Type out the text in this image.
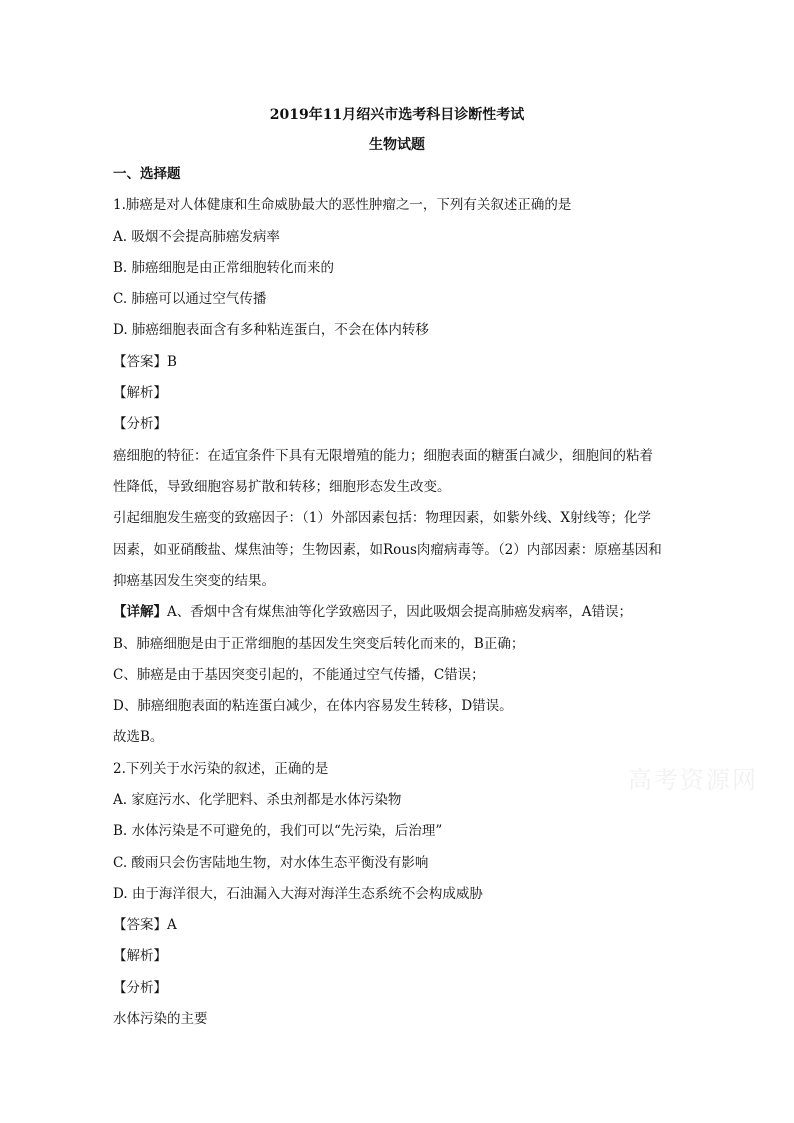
2019年11月绍兴市选考科目诊断性考试
生物试题
一、选择题
1.肺癌是对人体健康和生命威胁最大的恶性肿瘤之一，下列有关叙述正确的是
A. 吸烟不会提高肺癌发病率
B. 肺癌细胞是由正常细胞转化而来的
C. 肺癌可以通过空气传播
D. 肺癌细胞表面含有多种粘连蛋白，不会在体内转移
【答案】B
【解析】
【分析】
癌细胞的特征：在适宜条件下具有无限增殖的能力；细胞表面的糖蛋白减少，细胞间的粘着
性降低，导致细胞容易扩散和转移；细胞形态发生改变。
引起细胞发生癌变的致癌因子：（1）外部因素包括：物理因素，如紫外线、X射线等；化学
因素，如亚硝酸盐、煤焦油等；生物因素，如Rous肉瘤病毒等。（2）内部因素：原癌基因和
抑癌基因发生突变的结果。
【详解】A、香烟中含有煤焦油等化学致癌因子，因此吸烟会提高肺癌发病率，A错误；
B、肺癌细胞是由于正常细胞的基因发生突变后转化而来的，B正确；
C、肺癌是由于基因突变引起的，不能通过空气传播，C错误；
D、肺癌细胞表面的粘连蛋白减少，在体内容易发生转移，D错误。
故选B。
2.下列关于水污染的叙述，正确的是
A. 家庭污水、化学肥料、杀虫剂都是水体污染物
B. 水体污染是不可避免的，我们可以“先污染，后治理”
C. 酸雨只会伤害陆地生物，对水体生态平衡没有影响
D. 由于海洋很大，石油漏入大海对海洋生态系统不会构成威胁
【答案】A
【解析】
【分析】
水体污染的主要
高考资源网
